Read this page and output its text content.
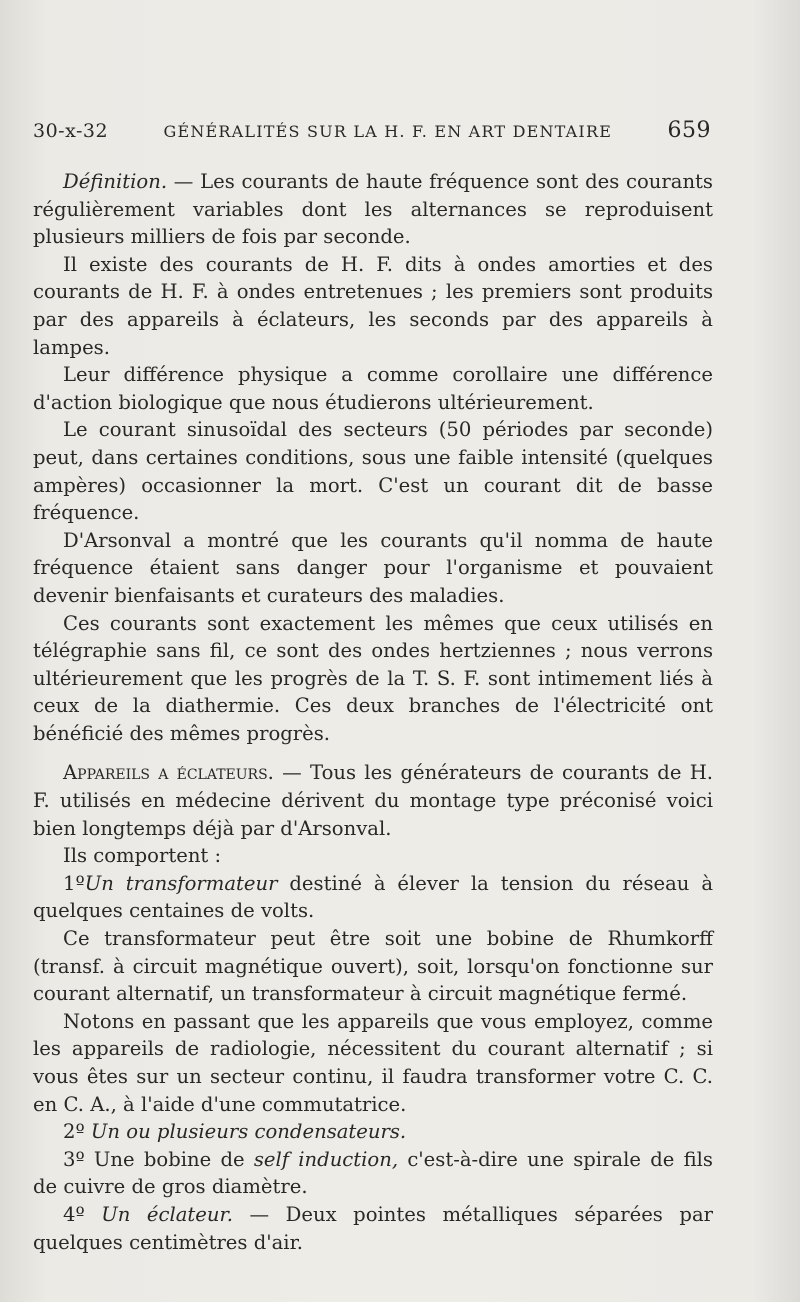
30-x-32	GÉNÉRALITÉS SUR LA H. F. EN ART DENTAIRE	659

Définition. — Les courants de haute fréquence sont des courants régulièrement variables dont les alternances se reproduisent plusieurs milliers de fois par seconde.

Il existe des courants de H. F. dits à ondes amorties et des courants de H. F. à ondes entretenues ; les premiers sont produits par des appareils à éclateurs, les seconds par des appareils à lampes.

Leur différence physique a comme corollaire une différence d'action biologique que nous étudierons ultérieurement.

Le courant sinusoïdal des secteurs (50 périodes par seconde) peut, dans certaines conditions, sous une faible intensité (quelques ampères) occasionner la mort. C'est un courant dit de basse fréquence.

D'Arsonval a montré que les courants qu'il nomma de haute fréquence étaient sans danger pour l'organisme et pouvaient devenir bienfaisants et curateurs des maladies.

Ces courants sont exactement les mêmes que ceux utilisés en télégraphie sans fil, ce sont des ondes hertziennes ; nous verrons ultérieurement que les progrès de la T. S. F. sont intimement liés à ceux de la diathermie. Ces deux branches de l'électricité ont bénéficié des mêmes progrès.

Appareils a éclateurs. — Tous les générateurs de courants de H. F. utilisés en médecine dérivent du montage type préconisé voici bien longtemps déjà par d'Arsonval.

Ils comportent :

1ºUn transformateur destiné à élever la tension du réseau à quelques centaines de volts.

Ce transformateur peut être soit une bobine de Rhumkorff (transf. à circuit magnétique ouvert), soit, lorsqu'on fonctionne sur courant alternatif, un transformateur à circuit magnétique fermé.

Notons en passant que les appareils que vous employez, comme les appareils de radiologie, nécessitent du courant alternatif ; si vous êtes sur un secteur continu, il faudra transformer votre C. C. en C. A., à l'aide d'une commutatrice.

2º Un ou plusieurs condensateurs.

3º Une bobine de self induction, c'est-à-dire une spirale de fils de cuivre de gros diamètre.

4º Un éclateur. — Deux pointes métalliques séparées par quelques centimètres d'air.
